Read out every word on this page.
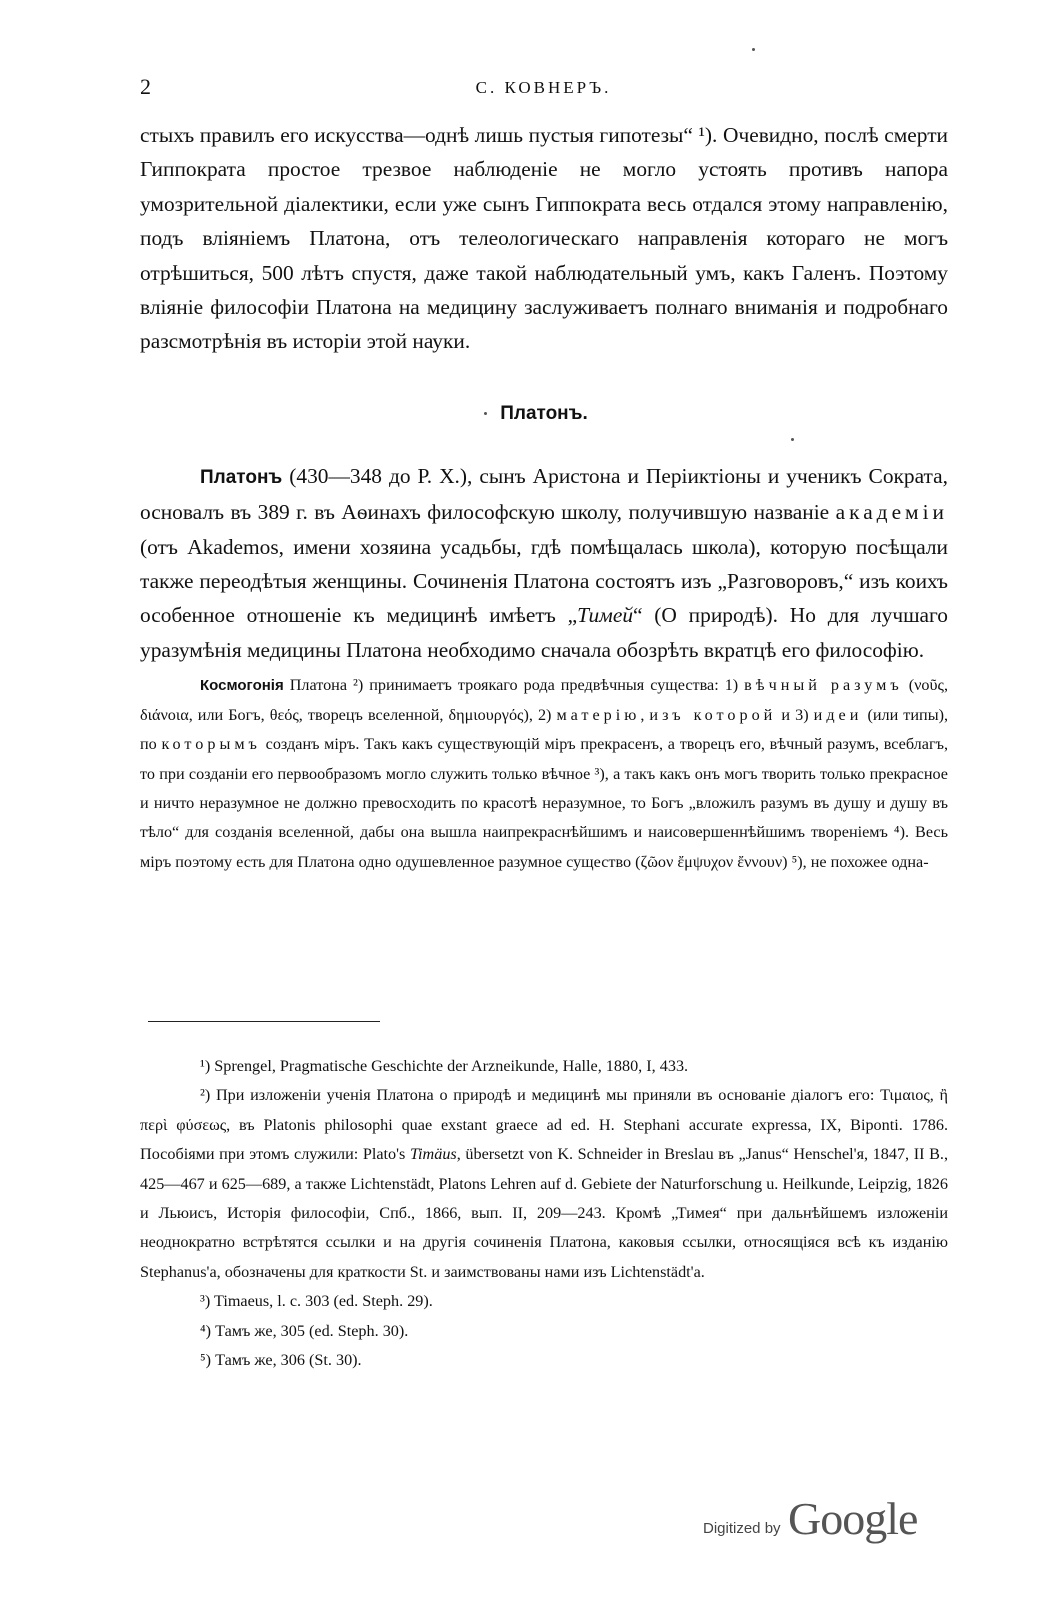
2	С. КОВНЕРЪ.

стыхъ правилъ его искусства—однѣ лишь пустыя гипотезы“ ¹). Очевидно, послѣ смерти Гиппократа простое трезвое наблюденіе не могло устоять противъ напора умозрительной діалектики, если уже сынъ Гиппократа весь отдался этому направленію, подъ вліяніемъ Платона, отъ телеологическаго направленія котораго не могъ отрѣшиться, 500 лѣтъ спустя, даже такой наблюдательный умъ, какъ Галенъ. Поэтому вліяніе философіи Платона на медицину заслуживаетъ полнаго вниманія и подробнаго разсмотрѣнія въ исторіи этой науки.

Платонъ.

Платонъ (430—348 до Р. Х.), сынъ Аристона и Періиктіоны и ученикъ Сократа, основалъ въ 389 г. въ Аѳинахъ философскую школу, получившую названіе академіи (отъ Akademos, имени хозяина усадьбы, гдѣ помѣщалась школа), которую посѣщали также переодѣтыя женщины. Сочиненія Платона состоятъ изъ „Разговоровъ,“ изъ коихъ особенное отношеніе къ медицинѣ имѣетъ „Тимей“ (О природѣ). Но для лучшаго уразумѣнія медицины Платона необходимо сначала обозрѣть вкратцѣ его философію.

Космогонія Платона ²) принимаетъ троякаго рода предвѣчныя существа: 1) вѣчный разумъ (νοῦς, διάνοια, или Богъ, θεός, творецъ вселенной, δημιουργός), 2) матерію, изъ которой и 3) идеи (или типы), по которымъ созданъ міръ. Такъ какъ существующій міръ прекрасенъ, а творецъ его, вѣчный разумъ, всеблагъ, то при созданіи его первообразомъ могло служить только вѣчное ³), а такъ какъ онъ могъ творить только прекрасное и ничто неразумное не должно превосходить по красотѣ неразумное, то Богъ „вложилъ разумъ въ душу и душу въ тѣло“ для созданія вселенной, дабы она вышла наипрекраснѣйшимъ и наисовершеннѣйшимъ твореніемъ ⁴). Весь міръ поэтому есть для Платона одно одушевленное разумное существо (ζῶον ἔμψυχον ἔννουν) ⁵), не похожее одна-

¹) Sprengel, Pragmatische Geschichte der Arzneikunde, Halle, 1880, I, 433.

²) При изложеніи ученія Платона о природѣ и медицинѣ мы приняли въ основаніе діалогъ его: Τιμαιος, ἢ περὶ φύσεως, въ Platonis philosophi quae exstant graece ad ed. H. Stephani accurate expressa, IX, Biponti. 1786. Пособіями при этомъ служили: Plato's Timäus, übersetzt von K. Schneider in Breslau въ „Janus“ Henschel'я, 1847, II B., 425—467 и 625—689, а также Lichtenstädt, Platons Lehren auf d. Gebiete der Naturforschung u. Heilkunde, Leipzig, 1826 и Льюисъ, Исторія философіи, Спб., 1866, вып. II, 209—243. Кромѣ „Тимея“ при дальнѣйшемъ изложеніи неоднократно встрѣтятся ссылки и на другія сочиненія Платона, каковыя ссылки, относящіяся всѣ къ изданію Stephanus'а, обозначены для краткости St. и заимствованы нами изъ Lichtenstädt'а.

³) Timaeus, l. c. 303 (ed. Steph. 29).

⁴) Тамъ же, 305 (ed. Steph. 30).

⁵) Тамъ же, 306 (St. 30).

Digitized by Google
